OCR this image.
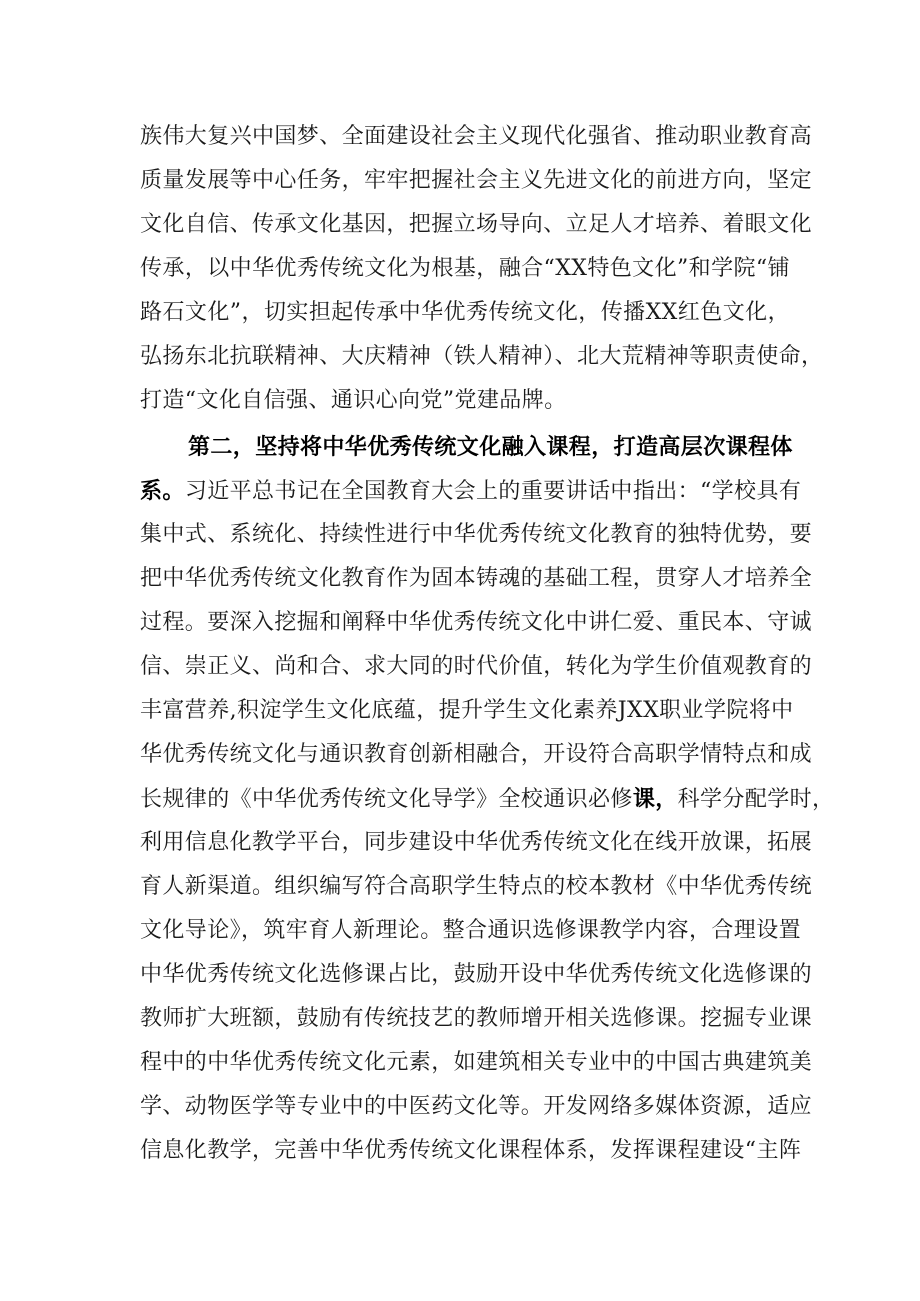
族伟大复兴中国梦、全面建设社会主义现代化强省、推动职业教育高
质量发展等中心任务，牢牢把握社会主义先进文化的前进方向，坚定
文化自信、传承文化基因，把握立场导向、立足人才培养、着眼文化
传承，以中华优秀传统文化为根基，融合“XX特色文化”和学院“铺
路石文化”，切实担起传承中华优秀传统文化，传播XX红色文化，
弘扬东北抗联精神、大庆精神（铁人精神）、北大荒精神等职责使命，
打造“文化自信强、通识心向党”党建品牌。
第二，坚持将中华优秀传统文化融入课程，打造高层次课程体
系。习近平总书记在全国教育大会上的重要讲话中指出：“学校具有
集中式、系统化、持续性进行中华优秀传统文化教育的独特优势，要
把中华优秀传统文化教育作为固本铸魂的基础工程，贯穿人才培养全
过程。要深入挖掘和阐释中华优秀传统文化中讲仁爱、重民本、守诚
信、崇正义、尚和合、求大同的时代价值，转化为学生价值观教育的
丰富营养,积淀学生文化底蕴，提升学生文化素养JXX职业学院将中
华优秀传统文化与通识教育创新相融合，开设符合高职学情特点和成
长规律的《中华优秀传统文化导学》全校通识必修课，科学分配学时，
利用信息化教学平台，同步建设中华优秀传统文化在线开放课，拓展
育人新渠道。组织编写符合高职学生特点的校本教材《中华优秀传统
文化导论》，筑牢育人新理论。整合通识选修课教学内容，合理设置
中华优秀传统文化选修课占比，鼓励开设中华优秀传统文化选修课的
教师扩大班额，鼓励有传统技艺的教师增开相关选修课。挖掘专业课
程中的中华优秀传统文化元素，如建筑相关专业中的中国古典建筑美
学、动物医学等专业中的中医药文化等。开发网络多媒体资源，适应
信息化教学，完善中华优秀传统文化课程体系，发挥课程建设“主阵
